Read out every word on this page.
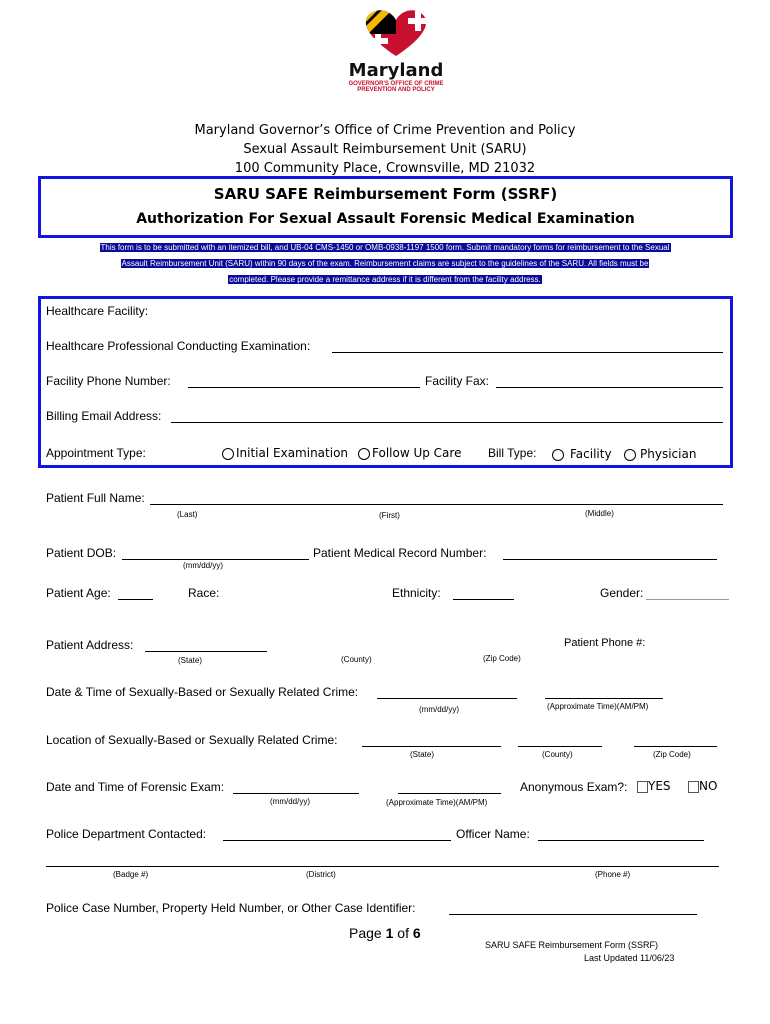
Maryland
GOVERNOR'S OFFICE OF CRIME
PREVENTION AND POLICY
Maryland Governor’s Office of Crime Prevention and Policy
Sexual Assault Reimbursement Unit (SARU)
100 Community Place, Crownsville, MD 21032
SARU SAFE Reimbursement Form (SSRF)
Authorization For Sexual Assault Forensic Medical Examination
This form is to be submitted with an itemized bill, and UB-04 CMS-1450 or OMB-0938-1197 1500 form. Submit mandatory forms for reimbursement to the Sexual
Assault Reimbursement Unit (SARU) within 90 days of the exam. Reimbursement claims are subject to the guidelines of the SARU. All fields must be
completed. Please provide a remittance address if it is different from the facility address.
Healthcare Facility:
Healthcare Professional Conducting Examination:
Facility Phone Number:	Facility Fax:
Billing Email Address:
Appointment Type:	Initial Examination	Follow Up Care Bill Type:	Facility	Physician
Patient Full Name:
(Last)	(First)	(Middle)
Patient DOB:
(mm/dd/yy)
Patient Medical Record Number:
Patient Age:	Race:	Ethnicity:	Gender:
Patient Address:	Patient Phone #:
(State)	(County)	(Zip Code)
Date & Time of Sexually-Based or Sexually Related Crime:
(mm/dd/yy)	(Approximate Time)(AM/PM)
Location of Sexually-Based or Sexually Related Crime:
(State)	(County)	(Zip Code)
Date and Time of Forensic Exam:
(mm/dd/yy)	(Approximate Time)(AM/PM)
Anonymous Exam?:	YES	NO
Police Department Contacted:	Officer Name:
(Badge #)	(District)	(Phone #)
Police Case Number, Property Held Number, or Other Case Identifier:
Page 1 of 6
SARU SAFE Reimbursement Form (SSRF)
Last Updated 11/06/23
